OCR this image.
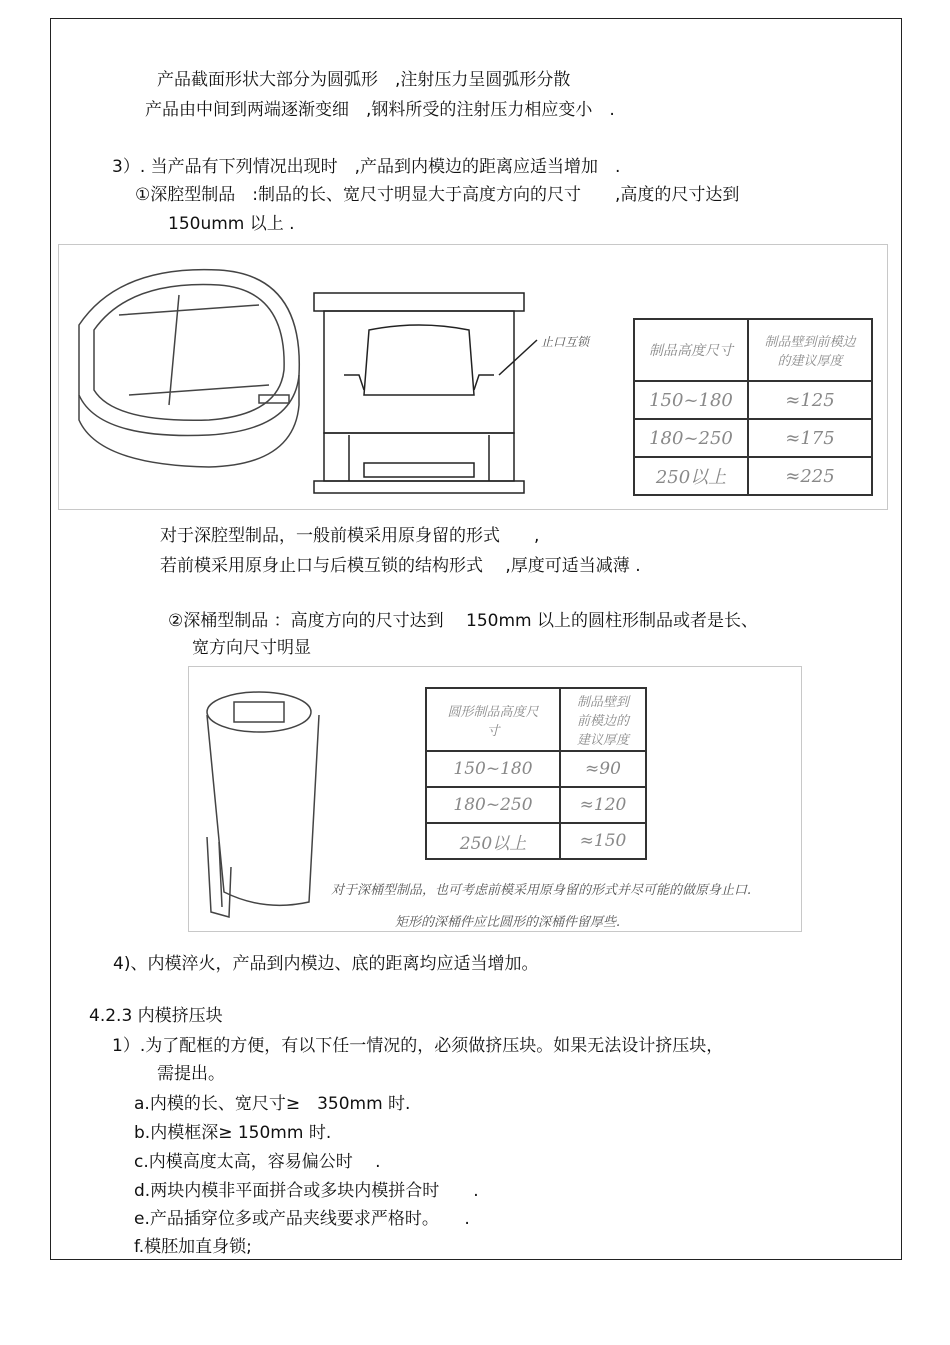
产品截面形状大部分为圆弧形　,注射压力呈圆弧形分散
产品由中间到两端逐渐变细　,钢料所受的注射压力相应变小　.
3）. 当产品有下列情况出现时　,产品到内模边的距离应适当增加　.
①深腔型制品　:制品的长、宽尺寸明显大于高度方向的尺寸　　,高度的尺寸达到
150umm 以上 .
止口互锁
制品高度尺寸	制品壁到前模边的建议厚度
150~180	≈125
180~250	≈175
250以上	≈225
对于深腔型制品，一般前模采用原身留的形式　　,
若前模采用原身止口与后模互锁的结构形式　 ,厚度可适当减薄 .
②深桶型制品 ：高度方向的尺寸达到　 150mm 以上的圆柱形制品或者是长、
宽方向尺寸明显
圆形制品高度尺寸	制品壁到前模边的建议厚度
150~180	≈90
180~250	≈120
250以上	≈150
对于深桶型制品，也可考虑前模采用原身留的形式并尽可能的做原身止口.
矩形的深桶件应比圆形的深桶件留厚些.
4)、内模淬火，产品到内模边、底的距离均应适当增加。
4.2.3 内模挤压块
1）.为了配框的方便，有以下任一情况的，必须做挤压块。如果无法设计挤压块，
需提出。
a.内模的长、宽尺寸≥　350mm 时.
b.内模框深≥ 150mm 时.
c.内模高度太高，容易偏公时　 .
d.两块内模非平面拼合或多块内模拼合时　　.
e.产品插穿位多或产品夹线要求严格时。　　.
f.模胚加直身锁;
